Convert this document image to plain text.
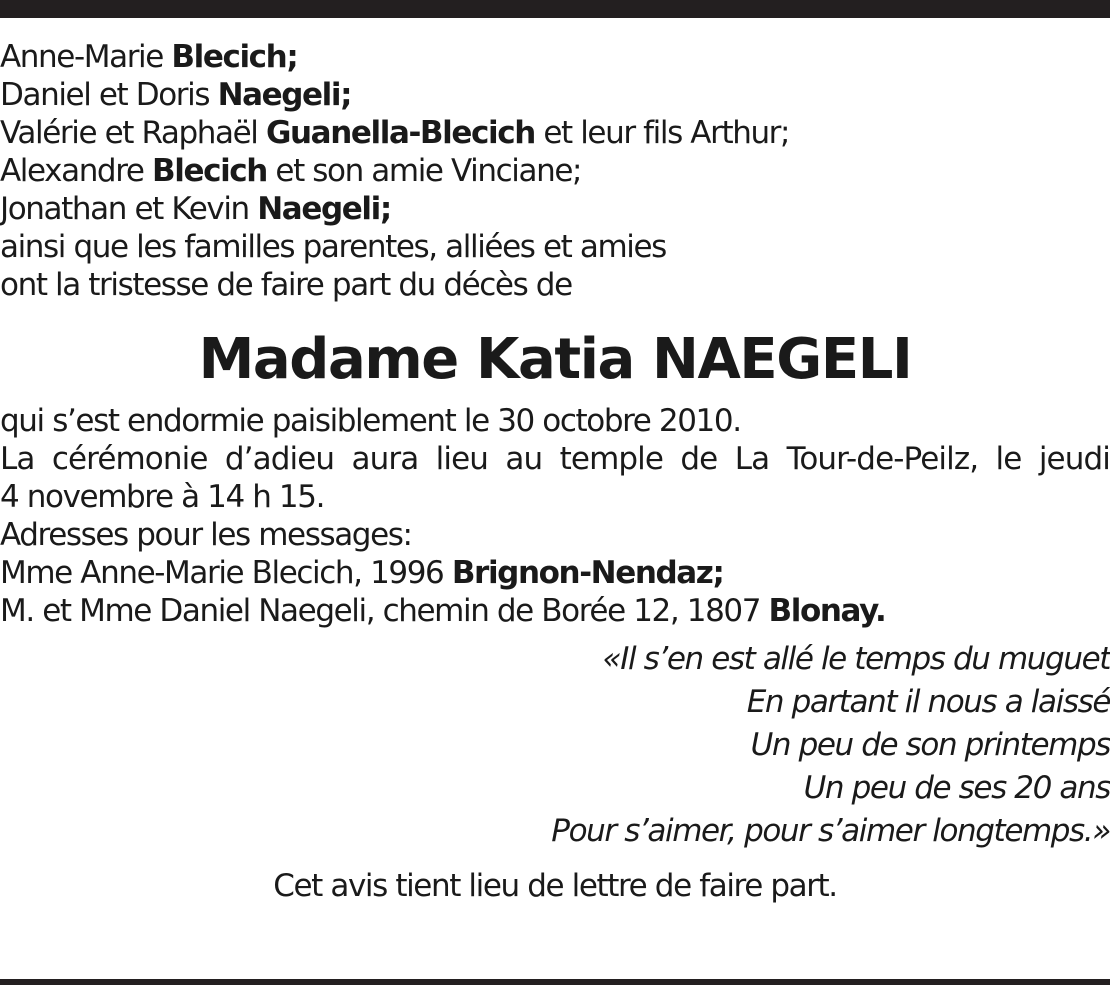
Anne-Marie Blecich;
Daniel et Doris Naegeli;
Valérie et Raphaël Guanella-Blecich et leur fils Arthur;
Alexandre Blecich et son amie Vinciane;
Jonathan et Kevin Naegeli;
ainsi que les familles parentes, alliées et amies
ont la tristesse de faire part du décès de
Madame Katia NAEGELI
qui s’est endormie paisiblement le 30 octobre 2010.
La cérémonie d’adieu aura lieu au temple de La Tour-de-Peilz, le jeudi
4 novembre à 14 h 15.
Adresses pour les messages:
Mme Anne-Marie Blecich, 1996 Brignon-Nendaz;
M. et Mme Daniel Naegeli, chemin de Borée 12, 1807 Blonay.
«Il s’en est allé le temps du muguet
En partant il nous a laissé
Un peu de son printemps
Un peu de ses 20 ans
Pour s’aimer, pour s’aimer longtemps.»
Cet avis tient lieu de lettre de faire part.
